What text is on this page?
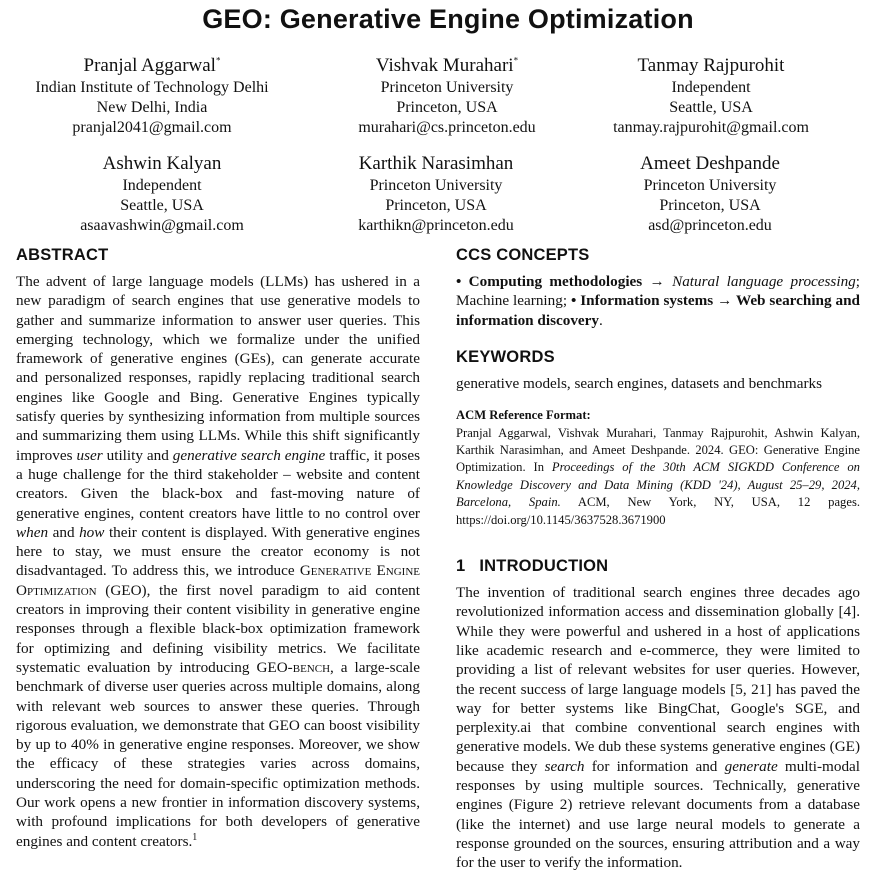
GEO: Generative Engine Optimization
Pranjal Aggarwal*
Indian Institute of Technology Delhi
New Delhi, India
pranjal2041@gmail.com
Vishvak Murahari*
Princeton University
Princeton, USA
murahari@cs.princeton.edu
Tanmay Rajpurohit
Independent
Seattle, USA
tanmay.rajpurohit@gmail.com
Ashwin Kalyan
Independent
Seattle, USA
asaavashwin@gmail.com
Karthik Narasimhan
Princeton University
Princeton, USA
karthikn@princeton.edu
Ameet Deshpande
Princeton University
Princeton, USA
asd@princeton.edu
ABSTRACT

The advent of large language models (LLMs) has ushered in a new paradigm of search engines that use generative models to gather and summarize information to answer user queries. This emerging technology, which we formalize under the unified framework of generative engines (GEs), can generate accurate and personalized responses, rapidly replacing traditional search engines like Google and Bing. Generative Engines typically satisfy queries by synthesizing information from multiple sources and summarizing them using LLMs. While this shift significantly improves user utility and generative search engine traffic, it poses a huge challenge for the third stakeholder – website and content creators. Given the black-box and fast-moving nature of generative engines, content creators have little to no control over when and how their content is displayed. With generative engines here to stay, we must ensure the creator economy is not disadvantaged. To address this, we introduce Generative Engine Optimization (GEO), the first novel paradigm to aid content creators in improving their content visibility in generative engine responses through a flexible black-box optimization framework for optimizing and defining visibility metrics. We facilitate systematic evaluation by introducing GEO-bench, a large-scale benchmark of diverse user queries across multiple domains, along with relevant web sources to answer these queries. Through rigorous evaluation, we demonstrate that GEO can boost visibility by up to 40% in generative engine responses. Moreover, we show the efficacy of these strategies varies across domains, underscoring the need for domain-specific optimization methods. Our work opens a new frontier in information discovery systems, with profound implications for both developers of generative engines and content creators.$^1$

CCS CONCEPTS

• Computing methodologies → Natural language processing; Machine learning; • Information systems → Web searching and information discovery.

KEYWORDS

generative models, search engines, datasets and benchmarks

ACM Reference Format:

Pranjal Aggarwal, Vishvak Murahari, Tanmay Rajpurohit, Ashwin Kalyan, Karthik Narasimhan, and Ameet Deshpande. 2024. GEO: Generative Engine Optimization. In Proceedings of the 30th ACM SIGKDD Conference on Knowledge Discovery and Data Mining (KDD '24), August 25–29, 2024, Barcelona, Spain. ACM, New York, NY, USA, 12 pages. https://doi.org/10.1145/3637528.3671900

1 INTRODUCTION

The invention of traditional search engines three decades ago revolutionized information access and dissemination globally [4]. While they were powerful and ushered in a host of applications like academic research and e-commerce, they were limited to providing a list of relevant websites for user queries. However, the recent success of large language models [5, 21] has paved the way for better systems like BingChat, Google's SGE, and perplexity.ai that combine conventional search engines with generative models. We dub these systems generative engines (GE) because they search for information and generate multi-modal responses by using multiple sources. Technically, generative engines (Figure 2) retrieve relevant documents from a database (like the internet) and use large neural models to generate a response grounded on the sources, ensuring attribution and a way for the user to verify the information.
